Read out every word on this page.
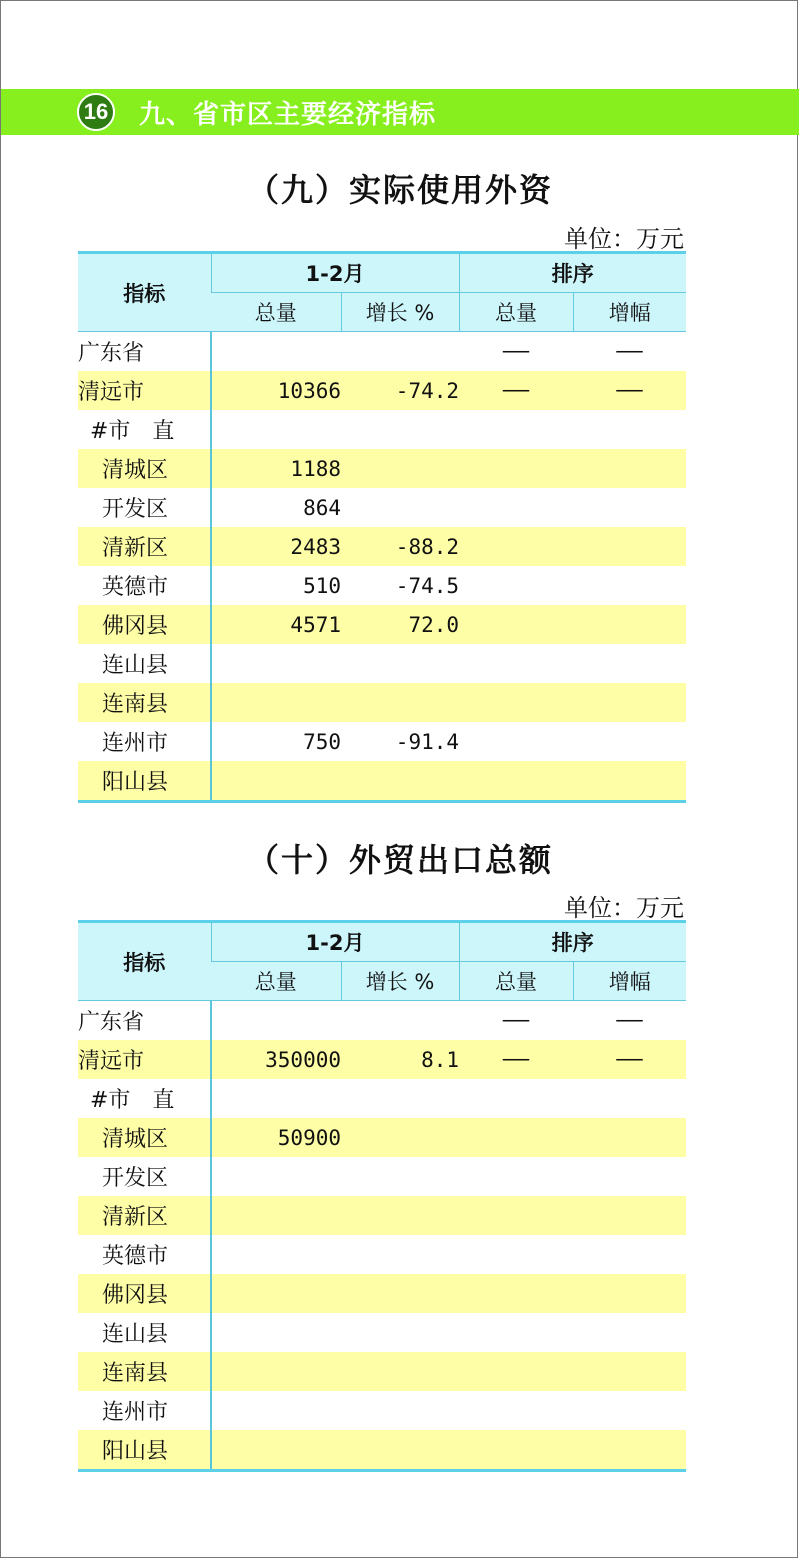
16 九、省市区主要经济指标
（九）实际使用外资
单位：万元
指标	1-2月		排序	
	总量	增长 %	总量	增幅
广东省			——	——
清远市	10366	-74.2	——	——
#市　直				
清城区	1188			
开发区	864			
清新区	2483	-88.2		
英德市	510	-74.5		
佛冈县	4571	72.0		
连山县				
连南县				
连州市	750	-91.4		
阳山县				
（十）外贸出口总额
单位：万元
指标	1-2月		排序	
	总量	增长 %	总量	增幅
广东省			——	——
清远市	350000	8.1	——	——
#市　直				
清城区	50900			
开发区				
清新区				
英德市				
佛冈县				
连山县				
连南县				
连州市				
阳山县				
